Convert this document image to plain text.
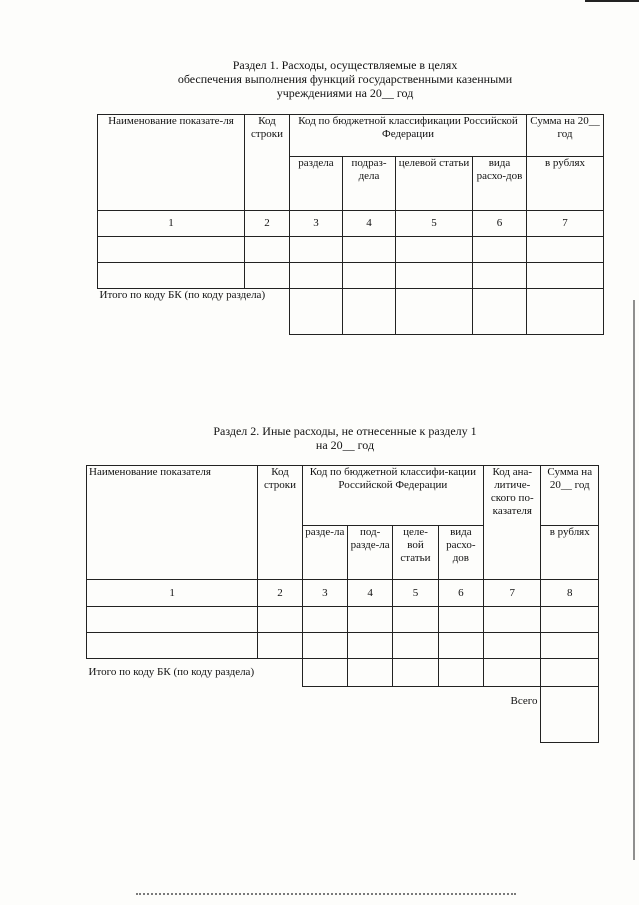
Раздел 1. Расходы, осуществляемые в целях
обеспечения выполнения функций государственными казенными
учреждениями на 20__ год
Наименование показате-ля	Код строки	Код по бюджетной классификации Российской Федерации				Сумма на 20__ год
		раздела	подраз-дела	целевой статьи	вида расхо-дов	в рублях
1	2	3	4	5	6	7

Итого по коду БК (по коду раздела)						
Раздел 2. Иные расходы, не отнесенные к разделу 1
на 20__ год
Наименование показателя	Код строки	Код по бюджетной классифи-кации Российской Федерации				Код ана-литиче-ского по-казателя	Сумма на 20__ год
		разде-ла	под-разде-ла	целе-вой статьи	вида расхо-дов		в рублях
1	2	3	4	5	6	7	8

Итого по коду БК (по коду раздела)							
Всего							
